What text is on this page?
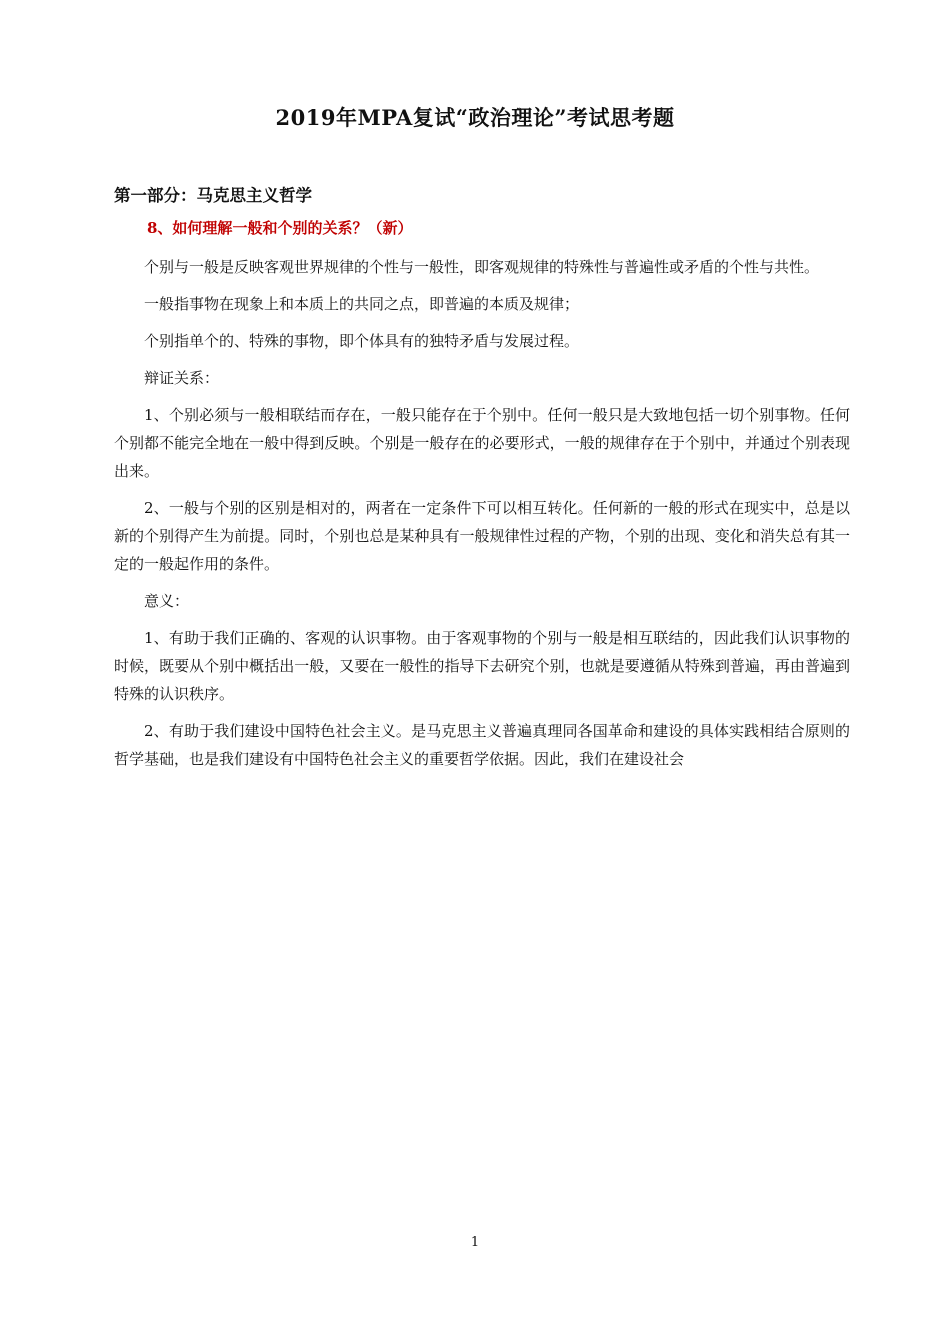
2019年MPA复试“政治理论”考试思考题
第一部分：马克思主义哲学
8、如何理解一般和个别的关系？（新）

个别与一般是反映客观世界规律的个性与一般性，即客观规律的特殊性与普遍性或矛盾的个性与共性。

一般指事物在现象上和本质上的共同之点，即普遍的本质及规律；

个别指单个的、特殊的事物，即个体具有的独特矛盾与发展过程。

辩证关系：

1、个别必须与一般相联结而存在，一般只能存在于个别中。任何一般只是大致地包括一切个别事物。任何个别都不能完全地在一般中得到反映。个别是一般存在的必要形式，一般的规律存在于个别中，并通过个别表现出来。

2、一般与个别的区别是相对的，两者在一定条件下可以相互转化。任何新的一般的形式在现实中，总是以新的个别得产生为前提。同时，个别也总是某种具有一般规律性过程的产物，个别的出现、变化和消失总有其一定的一般起作用的条件。

意义：

1、有助于我们正确的、客观的认识事物。由于客观事物的个别与一般是相互联结的，因此我们认识事物的时候，既要从个别中概括出一般，又要在一般性的指导下去研究个别，也就是要遵循从特殊到普遍，再由普遍到特殊的认识秩序。

2、有助于我们建设中国特色社会主义。是马克思主义普遍真理同各国革命和建设的具体实践相结合原则的哲学基础，也是我们建设有中国特色社会主义的重要哲学依据。因此，我们在建设社会

1
